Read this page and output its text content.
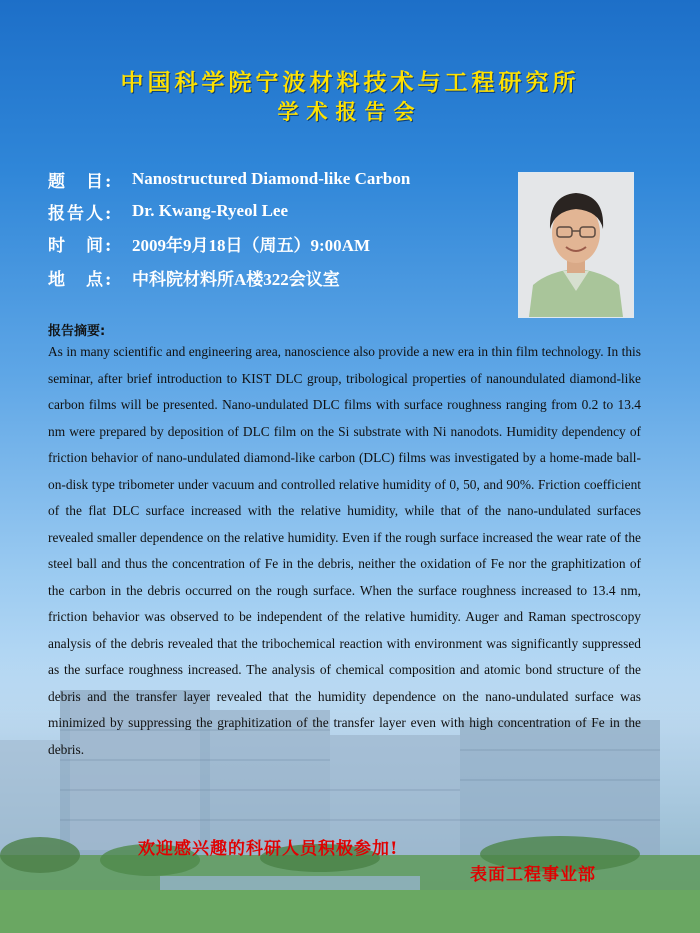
中国科学院宁波材料技术与工程研究所
学术报告会
题　目:	Nanostructured Diamond-like Carbon
报告人:	Dr. Kwang-Ryeol Lee
时　间:	2009年9月18日（周五）9:00AM
地　点:	中科院材料所A楼322会议室
报告摘要:
As in many scientific and engineering area, nanoscience also provide a new era in thin film technology. In this seminar, after brief introduction to KIST DLC group, tribological properties of nanoundulated diamond-like carbon films will be presented. Nano-undulated DLC films with surface roughness ranging from 0.2 to 13.4 nm were prepared by deposition of DLC film on the Si substrate with Ni nanodots. Humidity dependency of friction behavior of nano-undulated diamond-like carbon (DLC) films was investigated by a home-made ball-on-disk type tribometer under vacuum and controlled relative humidity of 0, 50, and 90%. Friction coefficient of the flat DLC surface increased with the relative humidity, while that of the nano-undulated surfaces revealed smaller dependence on the relative humidity. Even if the rough surface increased the wear rate of the steel ball and thus the concentration of Fe in the debris, neither the oxidation of Fe nor the graphitization of the carbon in the debris occurred on the rough surface. When the surface roughness increased to 13.4 nm, friction behavior was observed to be independent of the relative humidity. Auger and Raman spectroscopy analysis of the debris revealed that the tribochemical reaction with environment was significantly suppressed as the surface roughness increased. The analysis of chemical composition and atomic bond structure of the debris and the transfer layer revealed that the humidity dependence on the nano-undulated surface was minimized by suppressing the graphitization of the transfer layer even with high concentration of Fe in the debris.
欢迎感兴趣的科研人员积极参加!
表面工程事业部
